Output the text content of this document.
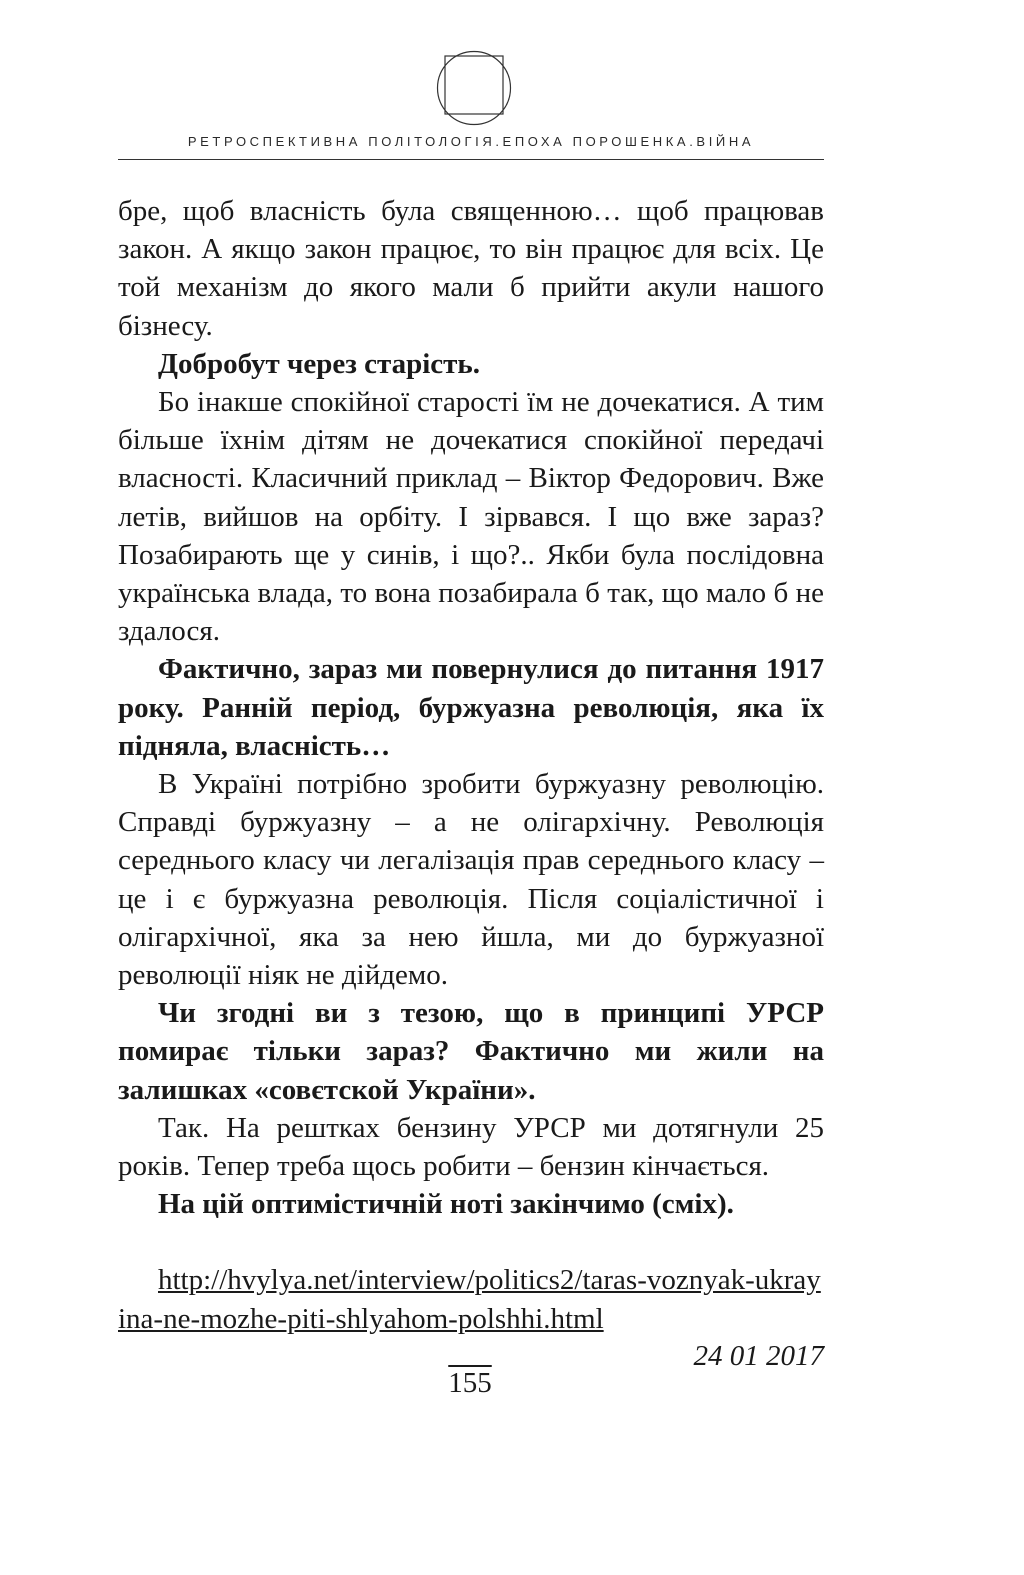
РЕТРОСПЕКТИВНА ПОЛІТОЛОГІЯ.ЕПОХА ПОРОШЕНКА.ВІЙНА

бре, щоб власність була священною… щоб працював закон. А якщо закон працює, то він працює для всіх. Це той механізм до якого мали б прийти акули нашого бізнесу.

Добробут через старість.

Бо інакше спокійної старості їм не дочекатися. А тим більше їхнім дітям не дочекатися спокійної передачі власності. Класичний приклад – Віктор Федорович. Вже летів, вийшов на орбіту. І зірвався. І що вже зараз? Позабирають ще у синів, і що?.. Якби була послідовна українська влада, то вона позабирала б так, що мало б не здалося.

Фактично, зараз ми повернулися до питання 1917 року. Ранній період, буржуазна революція, яка їх підняла, власність…

В Україні потрібно зробити буржуазну революцію. Справді буржуазну – а не олігархічну. Революція середнього класу чи легалізація прав середнього класу – це і є буржуазна революція. Після соціалістичної і олігархічної, яка за нею йшла, ми до буржуазної революції ніяк не дійдемо.

Чи згодні ви з тезою, що в принципі УРСР помирає тільки зараз? Фактично ми жили на залишках «совєтской України».

Так. На рештках бензину УРСР ми дотягнули 25 років. Тепер треба щось робити – бензин кінчається.

На цій оптимістичній ноті закінчимо (сміх).

http://hvylya.net/interview/politics2/taras-voznyak-ukrayina-ne-mozhe-piti-shlyahom-polshhi.html

24 01 2017
155
